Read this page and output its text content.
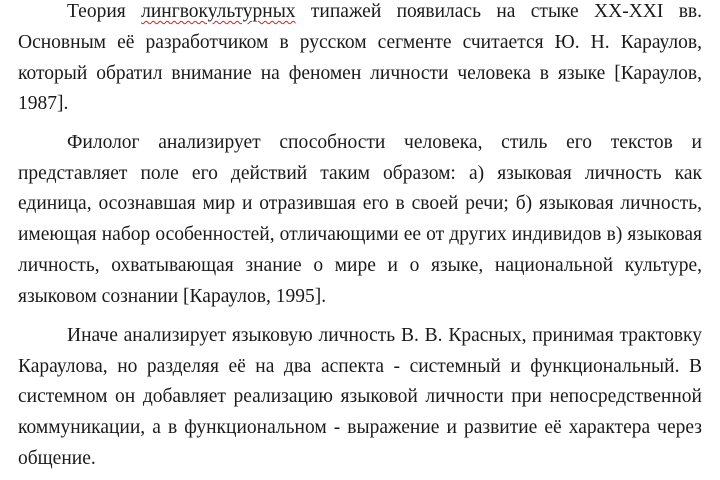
Теория лингвокультурных типажей появилась на стыке XX-XXI вв.
Основным её разработчиком в русском сегменте считается Ю. Н. Караулов,
который обратил внимание на феномен личности человека в языке [Караулов,
1987].
Филолог анализирует способности человека, стиль его текстов и
представляет поле его действий таким образом: а) языковая личность как
единица, осознавшая мир и отразившая его в своей речи; б) языковая личность,
имеющая набор особенностей, отличающими ее от других индивидов в) языковая
личность, охватывающая знание о мире и о языке, национальной культуре,
языковом сознании [Караулов, 1995].
Иначе анализирует языковую личность В. В. Красных, принимая трактовку
Караулова, но разделяя её на два аспекта - системный и функциональный. В
системном он добавляет реализацию языковой личности при непосредственной
коммуникации, а в функциональном - выражение и развитие её характера через
общение.
